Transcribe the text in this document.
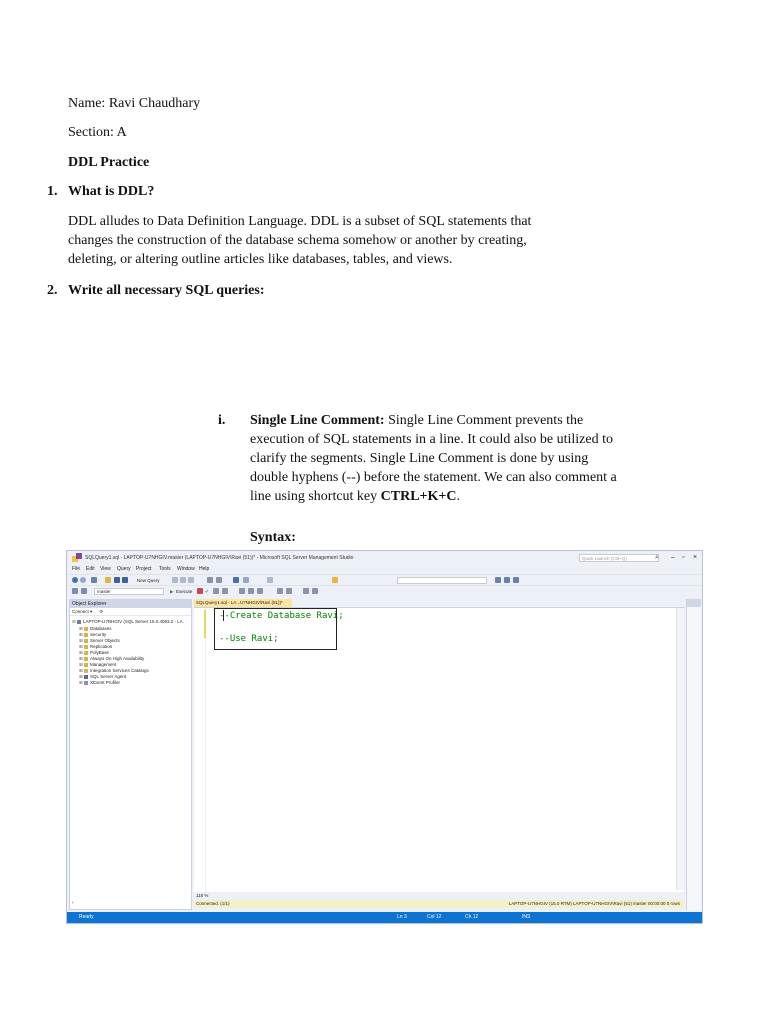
Name: Ravi Chaudhary
Section: A
DDL Practice
1. What is DDL?
DDL alludes to Data Definition Language. DDL is a subset of SQL statements that
changes the construction of the database schema somehow or another by creating,
deleting, or altering outline articles like databases, tables, and views.
2. Write all necessary SQL queries:
i. Single Line Comment: Single Line Comment prevents the
execution of SQL statements in a line. It could also be utilized to
clarify the segments. Single Line Comment is done by using
double hyphens (--) before the statement. We can also comment a
line using shortcut key CTRL+K+C.
Syntax:
SQLQuery1.sql - LAPTOP-U7NHGIV.master (LAPTOP-U7NHGIV\Ravi (51))* - Microsoft SQL Server Management Studio	Quick Launch (Ctrl+Q)	⌕ – ▫ ×
File Edit View Query Project Tools Window Help
New Query
master	▶ Execute	✔
Object Explorer
Connect ▾ ⟳
⊟ LAPTOP-U7NHGIV (SQL Server 15.0.4083.2 - LA
⊞ Databases
⊞ Security
⊞ Server Objects
⊞ Replication
⊞ PolyBase
⊞ Always On High Availability
⊞ Management
⊞ Integration Services Catalogs
⊞ SQL Server Agent
⊞ XEvent Profiler
‹
SQLQuery1.sql - LA...U7NHGIV\Ravi (51))*
--Create Database Ravi;
--Use Ravi;
118 %
Connected. (1/1)	LAPTOP-U7NHGIV (15.0 RTM) LAPTOP-U7NHGIV\Ravi (51) master 00:00:00 0 rows
Ready	Ln 3	Col 12	Ch 12	INS
